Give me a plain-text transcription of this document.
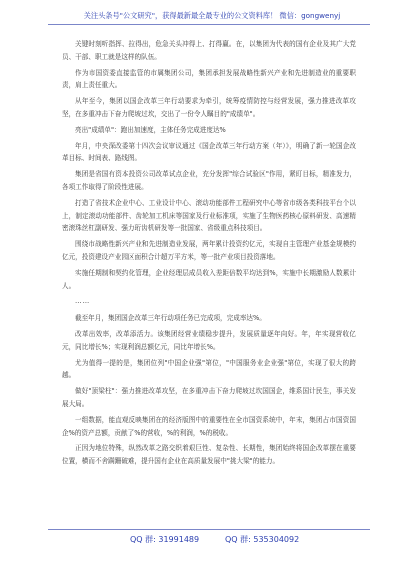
关注头条号"公文研究"，获得最新最全最专业的公文资料库！ 微信：gongwenyj

关键时刻听指挥、拉得出，危急关头冲得上、打得赢。在，以集团为代表的国有企业及其广大党员、干部、职工就是这样的队伍。

作为市国资委直接监管的市属集团公司，集团承担发展战略性新兴产业和先进制造业的重要职责，肩上责任重大。

从年至今，集团以国企改革三年行动要求为牵引，统筹疫情防控与经营发展，强力推进改革攻坚，在多重冲击下奋力爬坡过坎，交出了一份令人瞩目的"成绩单"。

亮出"成绩单"：跑出加速度，主体任务完成进度达%

年月，中央深改委第十四次会议审议通过《国企改革三年行动方案（年）》，明确了新一轮国企改革目标、时间表、路线图。

集团是省国有资本投资公司改革试点企业，充分发挥"综合试验区"作用，紧盯目标，精准发力，各项工作取得了阶段性进展。

打造了省技术企业中心、工业设计中心、滚动功能部件工程研究中心等省市级各类科技平台个以上，制定滚动功能部件、齿轮加工机床等国家及行业标准项，实施了生物医药核心原料研发、高速精密滚珠丝杠副研发、强力珩齿机研发等一批国家、省级重点科技项目。

围绕市战略性新兴产业和先进制造业发展，两年累计投资约亿元，实现自主管理产业基金规模约亿元，投资建设产业园区面积合计超万平方米，等一批产业项目投资落地。

实施任期制和契约化管理，企业经理层成员收入差距倍数平均达到%，实施中长期激励人数累计人。

……

截至年月，集团国企改革三年行动项任务已完成项，完成率达%。

改革出效率，改革添活力。该集团经营业绩稳步提升，发展质量逐年向好。年，年实现营收亿元，同比增长%；实现利润总额亿元，同比年增长%。

尤为值得一提的是，集团位列"中国企业强"第位，"中国服务业企业强"第位，实现了很大的跨越。

做好"顶梁柱"：强力推进改革攻坚，在多重冲击下奋力爬坡过坎国国企，维系国计民生，事关发展大局。

一组数据，能直观反映集团在的经济版图中的重要性在全市国资系统中，年末，集团占市国资国企%的资产总额，贡献了%的营收，%的利润，%的税收。

正因为地位特殊，纵然改革之路交织着艰巨性、复杂性、长期性，集团始终将国企改革摆在重要位置，横而不舍蹒跚破难，提升国有企业在高质量发展中"挑大梁"的能力。

QQ 群: 31991489	QQ 群: 535304092
